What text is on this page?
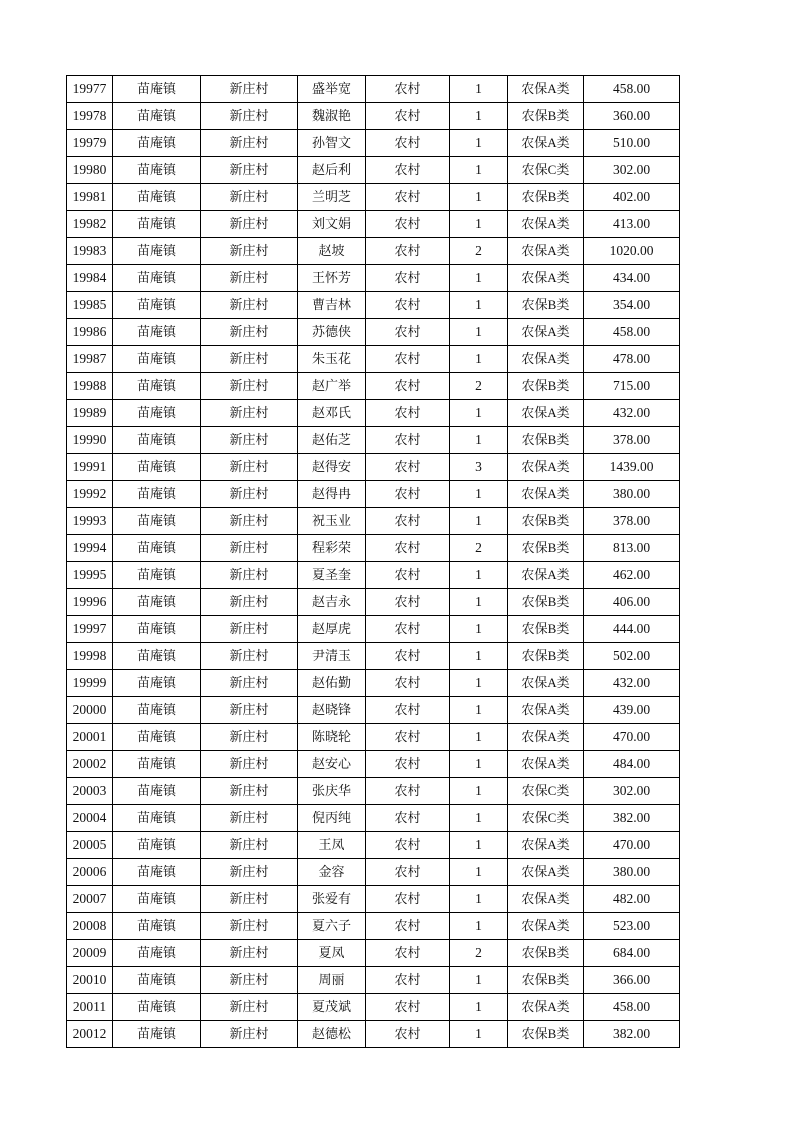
19977	苗庵镇	新庄村	盛举宽	农村	1	农保A类	458.00
19978	苗庵镇	新庄村	魏淑艳	农村	1	农保B类	360.00
19979	苗庵镇	新庄村	孙智文	农村	1	农保A类	510.00
19980	苗庵镇	新庄村	赵后利	农村	1	农保C类	302.00
19981	苗庵镇	新庄村	兰明芝	农村	1	农保B类	402.00
19982	苗庵镇	新庄村	刘文娟	农村	1	农保A类	413.00
19983	苗庵镇	新庄村	赵坡	农村	2	农保A类	1020.00
19984	苗庵镇	新庄村	王怀芳	农村	1	农保A类	434.00
19985	苗庵镇	新庄村	曹吉林	农村	1	农保B类	354.00
19986	苗庵镇	新庄村	苏德侠	农村	1	农保A类	458.00
19987	苗庵镇	新庄村	朱玉花	农村	1	农保A类	478.00
19988	苗庵镇	新庄村	赵广举	农村	2	农保B类	715.00
19989	苗庵镇	新庄村	赵邓氏	农村	1	农保A类	432.00
19990	苗庵镇	新庄村	赵佑芝	农村	1	农保B类	378.00
19991	苗庵镇	新庄村	赵得安	农村	3	农保A类	1439.00
19992	苗庵镇	新庄村	赵得冉	农村	1	农保A类	380.00
19993	苗庵镇	新庄村	祝玉业	农村	1	农保B类	378.00
19994	苗庵镇	新庄村	程彩荣	农村	2	农保B类	813.00
19995	苗庵镇	新庄村	夏圣奎	农村	1	农保A类	462.00
19996	苗庵镇	新庄村	赵吉永	农村	1	农保B类	406.00
19997	苗庵镇	新庄村	赵厚虎	农村	1	农保B类	444.00
19998	苗庵镇	新庄村	尹清玉	农村	1	农保B类	502.00
19999	苗庵镇	新庄村	赵佑勤	农村	1	农保A类	432.00
20000	苗庵镇	新庄村	赵晓锋	农村	1	农保A类	439.00
20001	苗庵镇	新庄村	陈晓轮	农村	1	农保A类	470.00
20002	苗庵镇	新庄村	赵安心	农村	1	农保A类	484.00
20003	苗庵镇	新庄村	张庆华	农村	1	农保C类	302.00
20004	苗庵镇	新庄村	倪丙纯	农村	1	农保C类	382.00
20005	苗庵镇	新庄村	王凤	农村	1	农保A类	470.00
20006	苗庵镇	新庄村	金容	农村	1	农保A类	380.00
20007	苗庵镇	新庄村	张爱有	农村	1	农保A类	482.00
20008	苗庵镇	新庄村	夏六子	农村	1	农保A类	523.00
20009	苗庵镇	新庄村	夏凤	农村	2	农保B类	684.00
20010	苗庵镇	新庄村	周丽	农村	1	农保B类	366.00
20011	苗庵镇	新庄村	夏茂斌	农村	1	农保A类	458.00
20012	苗庵镇	新庄村	赵德松	农村	1	农保B类	382.00
